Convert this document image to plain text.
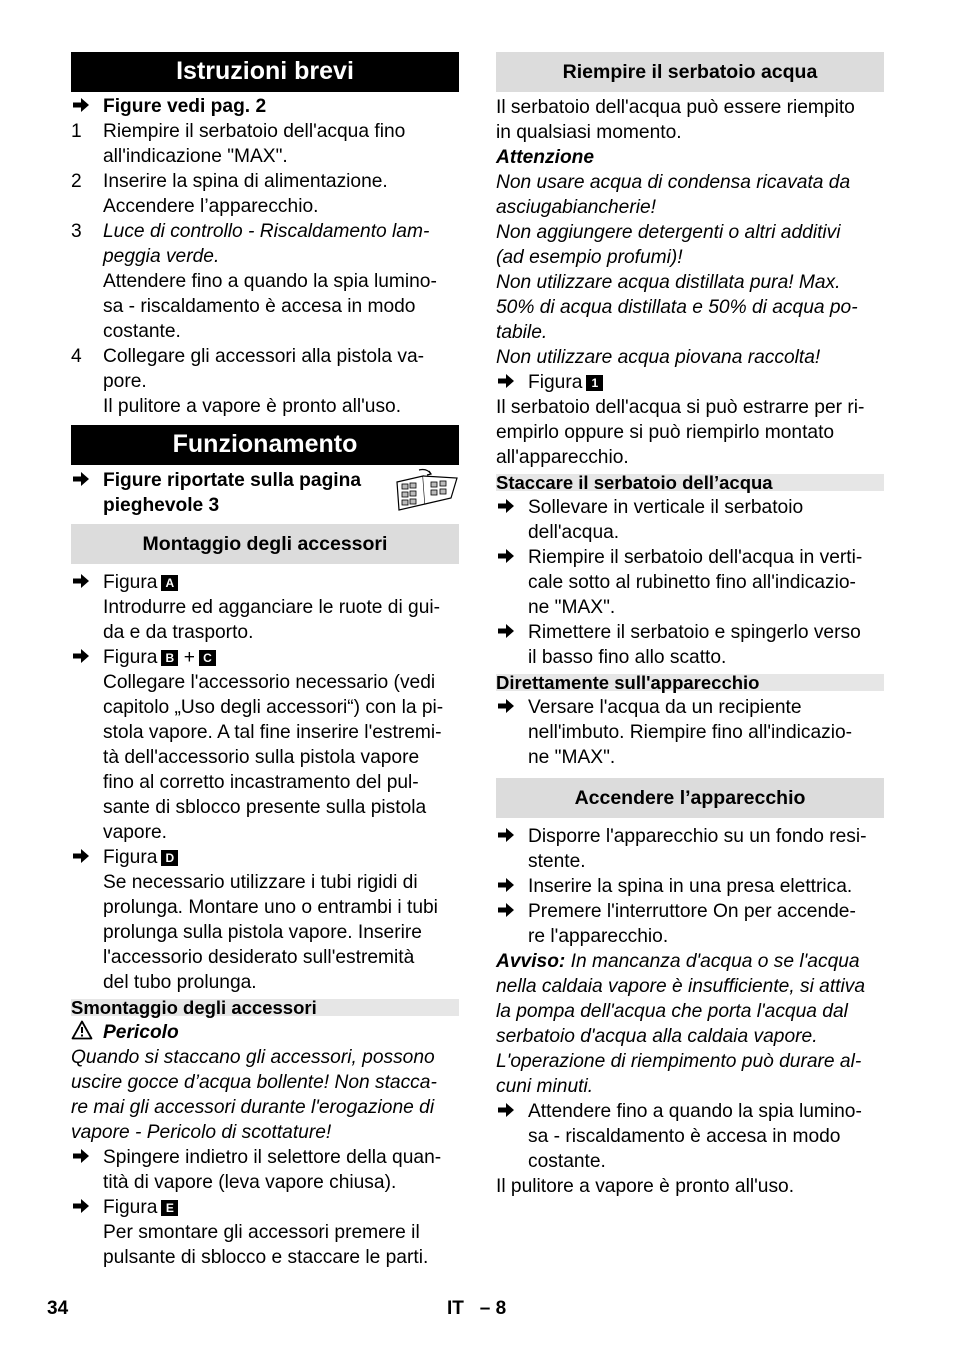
Istruzioni brevi
Figure vedi pag. 2
1	Riempire il serbatoio dell'acqua fino
all'indicazione "MAX".
2	Inserire la spina di alimentazione.
Accendere l’apparecchio.
3	Luce di controllo - Riscaldamento lam-
peggia verde.
Attendere fino a quando la spia lumino-
sa - riscaldamento è accesa in modo
costante.
4	Collegare gli accessori alla pistola va-
pore.
Il pulitore a vapore è pronto all'uso.
Funzionamento
Figure riportate sulla pagina
pieghevole 3
Montaggio degli accessori
Figura A
Introdurre ed agganciare le ruote di gui-
da e da trasporto.
Figura B + C
Collegare l'accessorio necessario (vedi
capitolo „Uso degli accessori“) con la pi-
stola vapore. A tal fine inserire l'estremi-
tà dell'accessorio sulla pistola vapore
fino al corretto incastramento del pul-
sante di sblocco presente sulla pistola
vapore.
Figura D
Se necessario utilizzare i tubi rigidi di
prolunga. Montare uno o entrambi i tubi
prolunga sulla pistola vapore. Inserire
l'accessorio desiderato sull'estremità
del tubo prolunga.
Smontaggio degli accessori
Pericolo
Quando si staccano gli accessori, possono
uscire gocce d’acqua bollente! Non stacca-
re mai gli accessori durante l'erogazione di
vapore - Pericolo di scottature!
Spingere indietro il selettore della quan-
tità di vapore (leva vapore chiusa).
Figura E
Per smontare gli accessori premere il
pulsante di sblocco e staccare le parti.
Riempire il serbatoio acqua
Il serbatoio dell'acqua può essere riempito
in qualsiasi momento.
Attenzione
Non usare acqua di condensa ricavata da
asciugabiancherie!
Non aggiungere detergenti o altri additivi
(ad esempio profumi)!
Non utilizzare acqua distillata pura! Max.
50% di acqua distillata e 50% di acqua po-
tabile.
Non utilizzare acqua piovana raccolta!
Figura 1
Il serbatoio dell'acqua si può estrarre per ri-
empirlo oppure si può riempirlo montato
all'apparecchio.
Staccare il serbatoio dell’acqua
Sollevare in verticale il serbatoio
dell'acqua.
Riempire il serbatoio dell'acqua in verti-
cale sotto al rubinetto fino all'indicazio-
ne "MAX".
Rimettere il serbatoio e spingerlo verso
il basso fino allo scatto.
Direttamente sull'apparecchio
Versare l'acqua da un recipiente
nell'imbuto. Riempire fino all'indicazio-
ne "MAX".
Accendere l’apparecchio
Disporre l'apparecchio su un fondo resi-
stente.
Inserire la spina in una presa elettrica.
Premere l'interruttore On per accende-
re l'apparecchio.
Avviso: In mancanza d'acqua o se l'acqua
nella caldaia vapore è insufficiente, si attiva
la pompa dell'acqua che porta l'acqua dal
serbatoio d'acqua alla caldaia vapore.
L'operazione di riempimento può durare al-
cuni minuti.
Attendere fino a quando la spia lumino-
sa - riscaldamento è accesa in modo
costante.
Il pulitore a vapore è pronto all'uso.
34	IT   – 8
